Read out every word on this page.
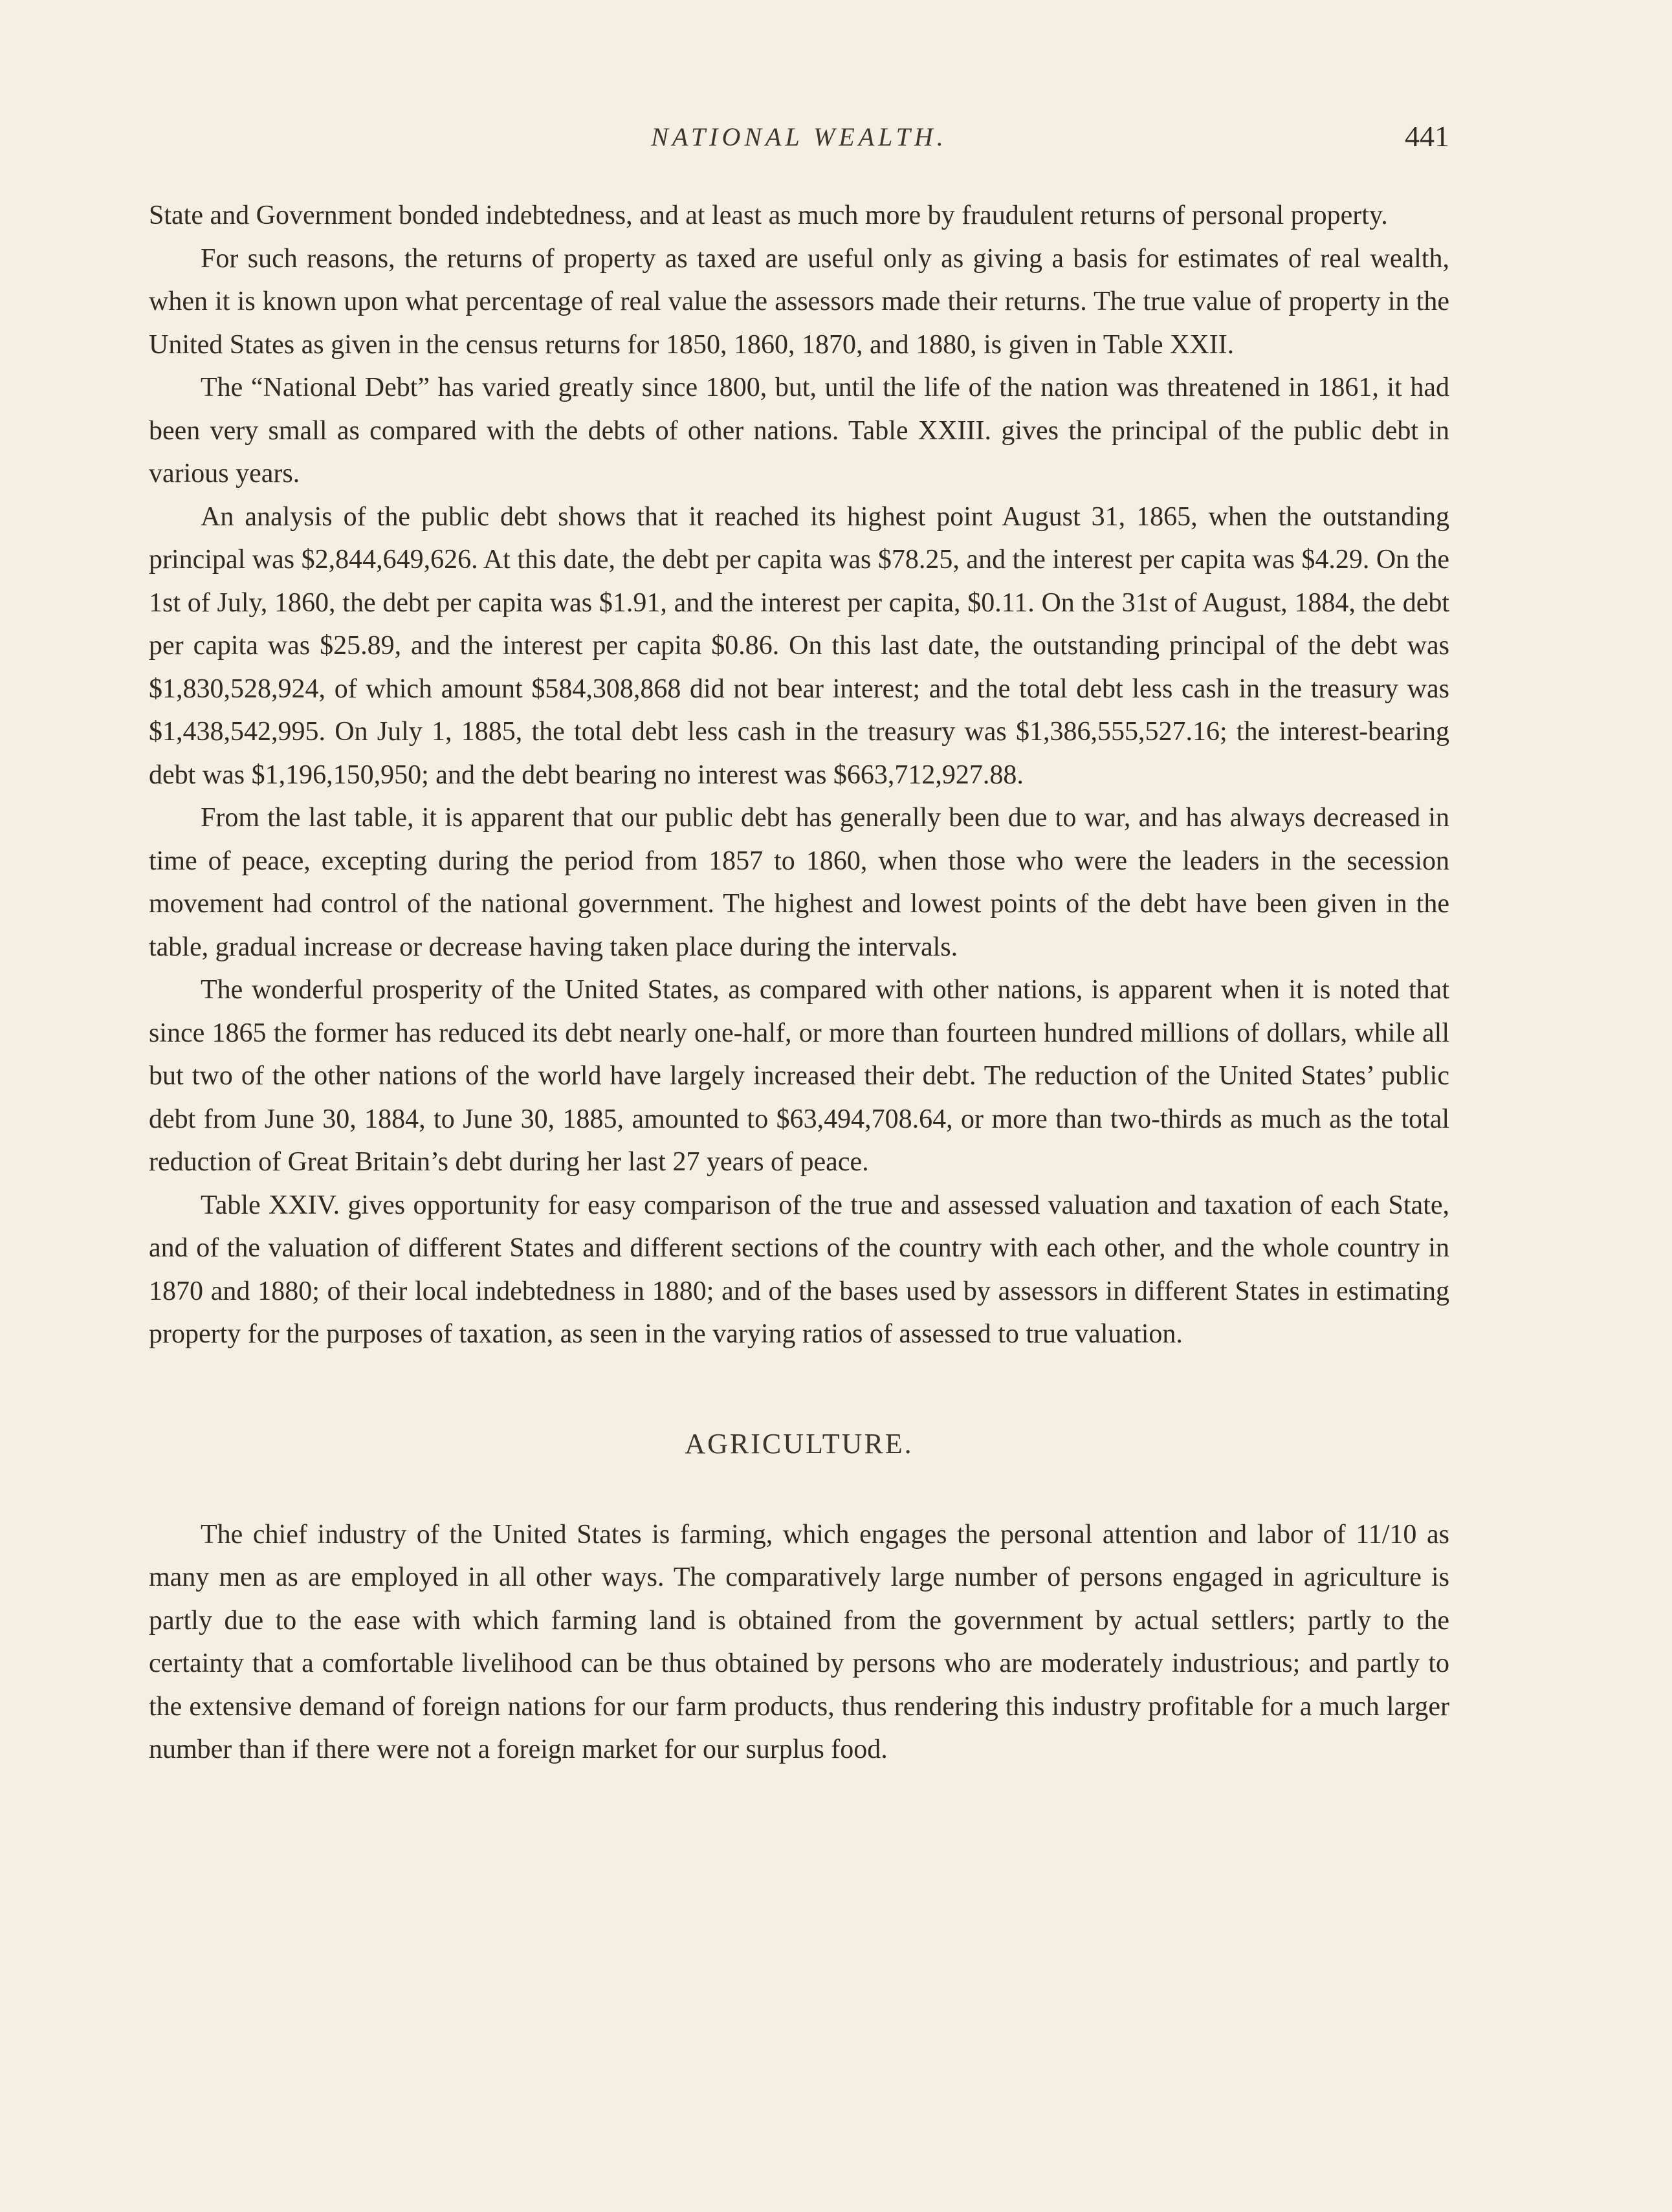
NATIONAL WEALTH.	441

State and Government bonded indebtedness, and at least as much more by fraudulent returns of personal property.

For such reasons, the returns of property as taxed are useful only as giving a basis for estimates of real wealth, when it is known upon what percentage of real value the assessors made their returns. The true value of property in the United States as given in the census returns for 1850, 1860, 1870, and 1880, is given in Table XXII.

The “National Debt” has varied greatly since 1800, but, until the life of the nation was threatened in 1861, it had been very small as compared with the debts of other nations. Table XXIII. gives the principal of the public debt in various years.

An analysis of the public debt shows that it reached its highest point August 31, 1865, when the outstanding principal was $2,844,649,626. At this date, the debt per capita was $78.25, and the interest per capita was $4.29. On the 1st of July, 1860, the debt per capita was $1.91, and the interest per capita, $0.11. On the 31st of August, 1884, the debt per capita was $25.89, and the interest per capita $0.86. On this last date, the outstanding principal of the debt was $1,830,528,924, of which amount $584,308,868 did not bear interest; and the total debt less cash in the treasury was $1,438,542,995. On July 1, 1885, the total debt less cash in the treasury was $1,386,555,527.16; the interest-bearing debt was $1,196,150,950; and the debt bearing no interest was $663,712,927.88.

From the last table, it is apparent that our public debt has generally been due to war, and has always decreased in time of peace, excepting during the period from 1857 to 1860, when those who were the leaders in the secession movement had control of the national government. The highest and lowest points of the debt have been given in the table, gradual increase or decrease having taken place during the intervals.

The wonderful prosperity of the United States, as compared with other nations, is apparent when it is noted that since 1865 the former has reduced its debt nearly one-half, or more than fourteen hundred millions of dollars, while all but two of the other nations of the world have largely increased their debt. The reduction of the United States’ public debt from June 30, 1884, to June 30, 1885, amounted to $63,494,708.64, or more than two-thirds as much as the total reduction of Great Britain’s debt during her last 27 years of peace.

Table XXIV. gives opportunity for easy comparison of the true and assessed valuation and taxation of each State, and of the valuation of different States and different sections of the country with each other, and the whole country in 1870 and 1880; of their local indebtedness in 1880; and of the bases used by assessors in different States in estimating property for the purposes of taxation, as seen in the varying ratios of assessed to true valuation.

AGRICULTURE.

The chief industry of the United States is farming, which engages the personal attention and labor of 11/10 as many men as are employed in all other ways. The comparatively large number of persons engaged in agriculture is partly due to the ease with which farming land is obtained from the government by actual settlers; partly to the certainty that a comfortable livelihood can be thus obtained by persons who are moderately industrious; and partly to the extensive demand of foreign nations for our farm products, thus rendering this industry profitable for a much larger number than if there were not a foreign market for our surplus food.
